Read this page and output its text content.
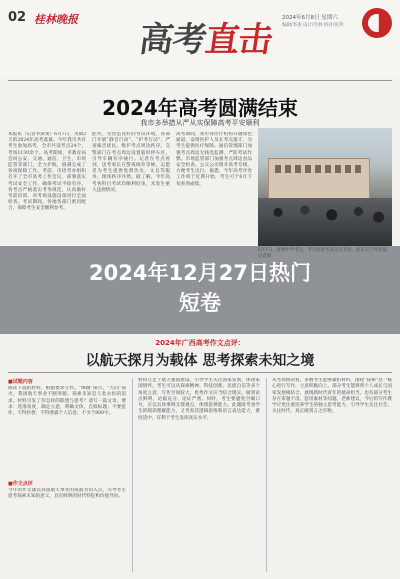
02 桂林晚报
高考直击
2024年6月8日 星期六
编辑/李凌 设计/肖林 校对/张剑
2024年高考圆满结束
我市多举措从严从实保障高考平安顺利
本报讯（记者李斯斐）6月7日，为期2天的2024年高考落幕。今年我市共有考生参加高考，全市共设考点24个，考场1130余个。高考期间，市教育局会同公安、交通、通信、卫生、市场监管等部门，全力护航，圆满完成了各项保障工作。考前，市招考办组织召开了全市高考工作会议，部署落实考试安全工作，确保考试平稳有序。各考点严格落实考务规范，认真做好考前培训，对考场设施设备进行全面检查。考试期间，各地各部门密切配合，保障考生安全顺利参考。
此外，为营造良好的考试环境，各部门开展“静音行动”、“护考行动”，严查噪音扰民，维护考点周边秩序。交警部门在考点周边设置临时停车区，引导车辆有序通行。记者在考点看到，送考家长在警戒线外等候，志愿者为考生提供免费饮水、文具等服务，现场秩序井然。据了解，今年高考各科目考试均顺利结束，未发生重大违规情况。
高考期间，我市各医疗机构开通绿色通道，安排医护人员在考点值守，为考生提供医疗保障。通信管理部门加强考点周边无线电监测，严防考试作弊。市场监管部门加强考点周边食品安全检查。公交公司增开高考专线，方便考生出行。据悉，今年高考评卷工作将于近期开始，考生可于6月下旬查询成绩。
2024年12月27日热门
短卷
2024年广西高考作文点评：
以航天探月为载体 思考探索未知之境
■试题内容
阅读下面的材料，根据要求写作。“嫦娥”探月、“天问”探火，我国航天事业不断突破。探索未知是人类永恒的追求。材料引发了你怎样的联想与思考？请写一篇文章。要求：选准角度，确定立意，明确文体，自拟标题；不要套作，不得抄袭；不得泄露个人信息；不少于800字。
■作文点评
今年的作文题以我国航天事业的成就为切入点，引导考生思考探索未知的意义，具有鲜明的时代特征和价值导向。
材料立足于航天强国建设，引导学生关注国家发展，体现家国情怀。考生可以从探索精神、科技创新、民族自信等多个角度立意，写作空间较大。优秀作文应当结合现实，做到论点鲜明、论据充分、论证严密。同时，考生要避免空喊口号，应以具体事例支撑观点，体现思辨能力。此题既考查学生的阅读理解能力，又考查其逻辑思维和语言表达能力，难度适中，有利于考生发挥真实水平。
从考场情况看，多数考生能够紧扣材料，围绕“探索”这一核心进行写作，立意积极向上。部分考生能够将个人成长与国家发展相结合，展现新时代青年的使命担当。也有部分考生存在审题不清、套用素材等问题。老师建议，今后的写作教学应更注重培养学生的独立思考能力，引导学生关注社会、关注时代，真正做到言之有物。
